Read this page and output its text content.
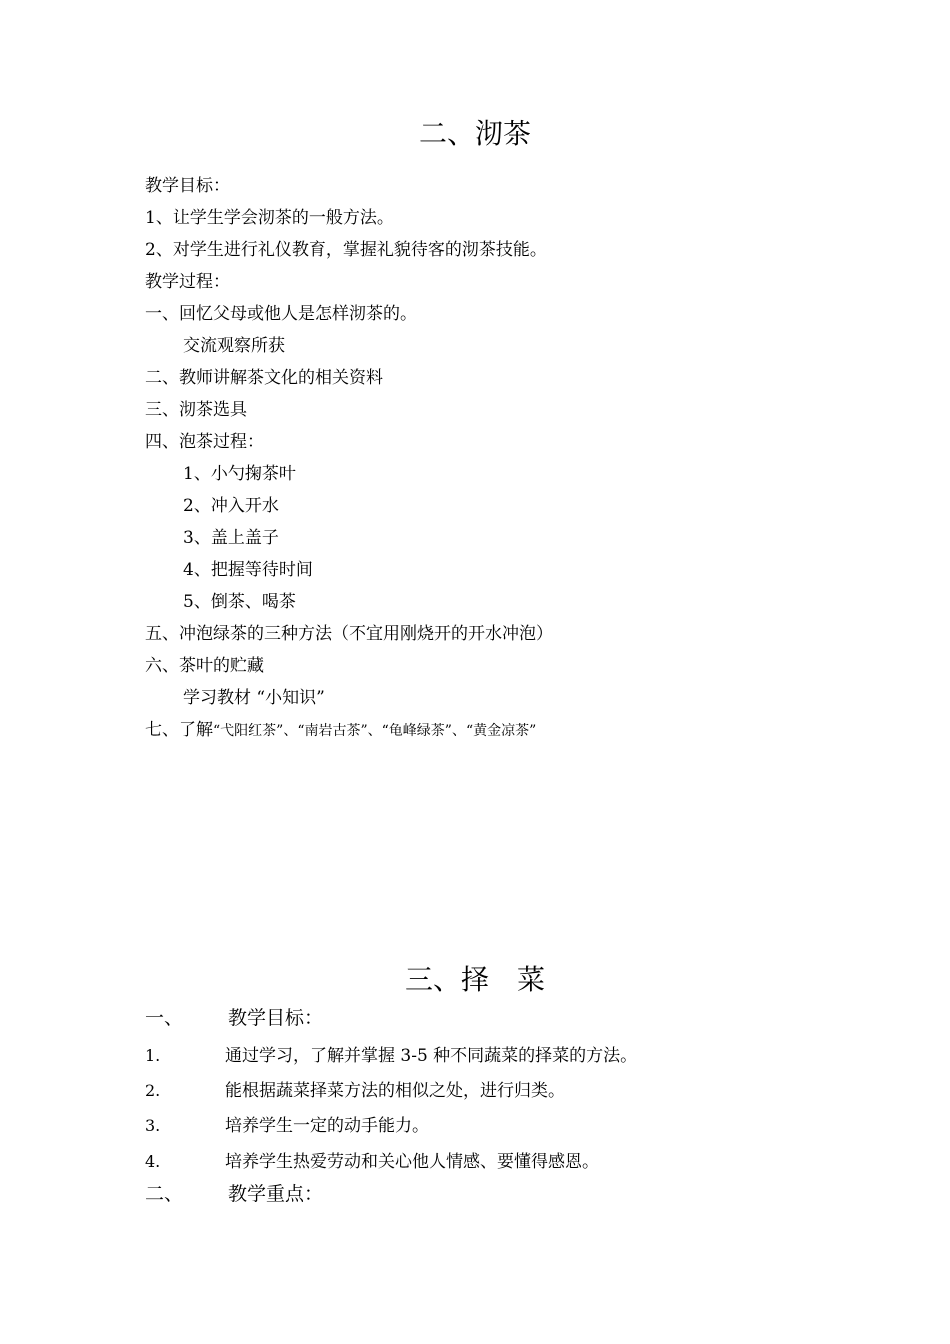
二、沏茶
教学目标：
1、让学生学会沏茶的一般方法。
2、对学生进行礼仪教育，掌握礼貌待客的沏茶技能。
教学过程：
一、回忆父母或他人是怎样沏茶的。
交流观察所获
二、教师讲解茶文化的相关资料
三、沏茶选具
四、泡茶过程：
1、小勺掬茶叶
2、冲入开水
3、盖上盖子
4、把握等待时间
5、倒茶、喝茶
五、冲泡绿茶的三种方法（不宜用刚烧开的开水冲泡）
六、茶叶的贮藏
学习教材 “小知识”
七、了解“弋阳红茶”、“南岩古茶”、“龟峰绿茶”、“黄金凉茶”
三、择　菜
一、 教学目标：
1.	通过学习，了解并掌握 3-5 种不同蔬菜的择菜的方法。
2.	能根据蔬菜择菜方法的相似之处，进行归类。
3.	培养学生一定的动手能力。
4.	培养学生热爱劳动和关心他人情感、要懂得感恩。
二、 教学重点：
